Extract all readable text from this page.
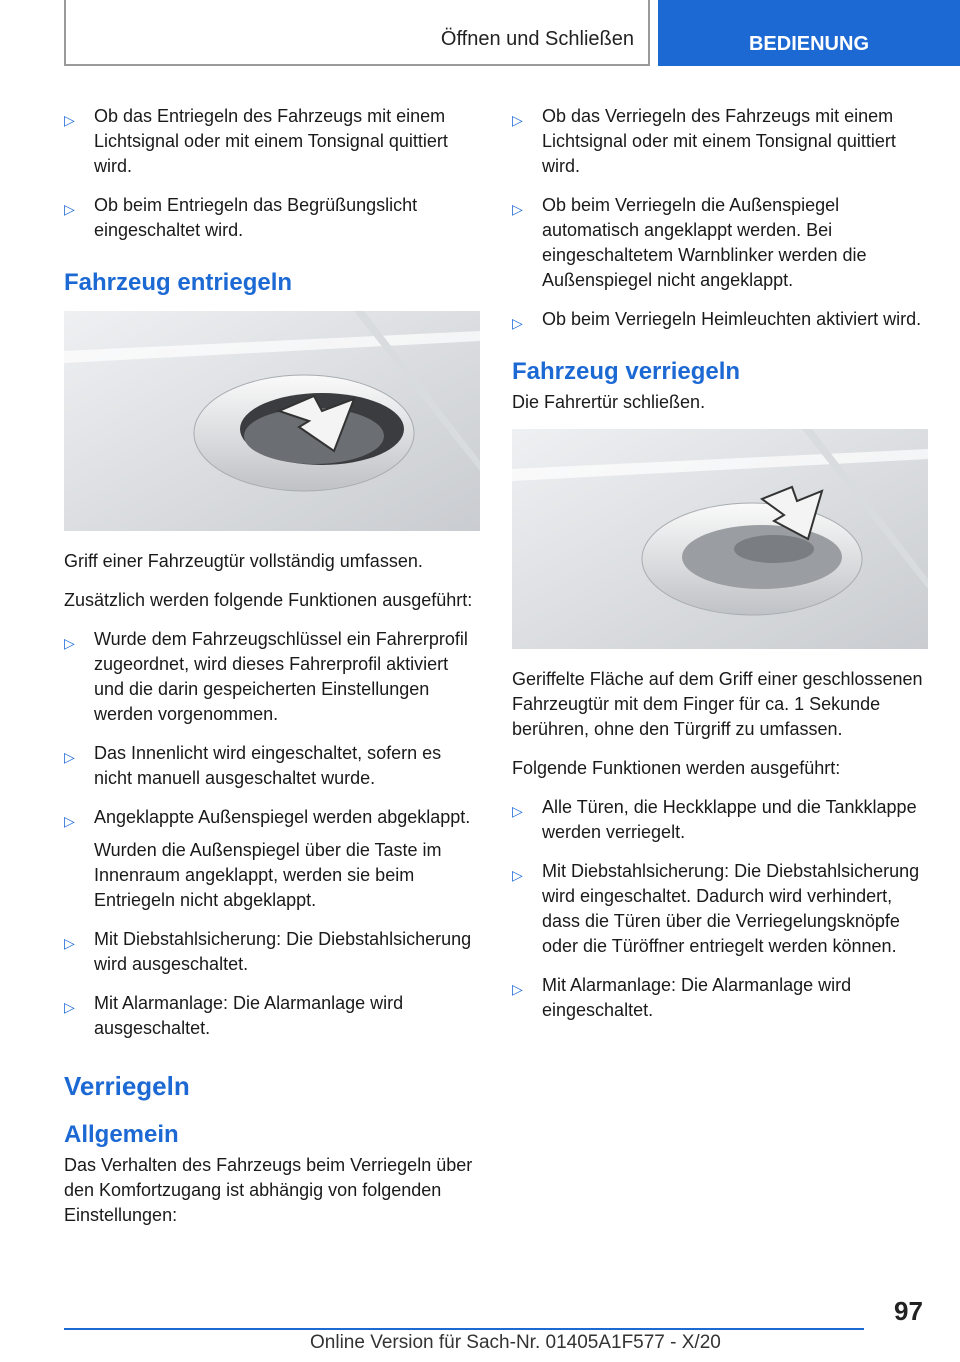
Öffnen und Schließen	BEDIENUNG
▷ Ob das Entriegeln des Fahrzeugs mit einem Lichtsignal oder mit einem Tonsignal quittiert wird.
▷ Ob beim Entriegeln das Begrüßungslicht eingeschaltet wird.
Fahrzeug entriegeln

Griff einer Fahrzeugtür vollständig umfassen.

Zusätzlich werden folgende Funktionen ausgeführt:

▷ Wurde dem Fahrzeugschlüssel ein Fahrerprofil zugeordnet, wird dieses Fahrerprofil aktiviert und die darin gespeicherten Einstellungen werden vorgenommen.
▷ Das Innenlicht wird eingeschaltet, sofern es nicht manuell ausgeschaltet wurde.
▷ Angeklappte Außenspiegel werden abgeklappt.

Wurden die Außenspiegel über die Taste im Innenraum angeklappt, werden sie beim Entriegeln nicht abgeklappt.

▷ Mit Diebstahlsicherung: Die Diebstahlsicherung wird ausgeschaltet.
▷ Mit Alarmanlage: Die Alarmanlage wird ausgeschaltet.
Verriegeln
Allgemein

Das Verhalten des Fahrzeugs beim Verriegeln über den Komfortzugang ist abhängig von folgenden Einstellungen:

▷ Ob das Verriegeln des Fahrzeugs mit einem Lichtsignal oder mit einem Tonsignal quittiert wird.
▷ Ob beim Verriegeln die Außenspiegel automatisch angeklappt werden. Bei eingeschaltetem Warnblinker werden die Außenspiegel nicht angeklappt.
▷ Ob beim Verriegeln Heimleuchten aktiviert wird.
Fahrzeug verriegeln

Die Fahrertür schließen.

Geriffelte Fläche auf dem Griff einer geschlossenen Fahrzeugtür mit dem Finger für ca. 1 Sekunde berühren, ohne den Türgriff zu umfassen.

Folgende Funktionen werden ausgeführt:

▷ Alle Türen, die Heckklappe und die Tankklappe werden verriegelt.
▷ Mit Diebstahlsicherung: Die Diebstahlsicherung wird eingeschaltet. Dadurch wird verhindert, dass die Türen über die Verriegelungsknöpfe oder die Türöffner entriegelt werden können.
▷ Mit Alarmanlage: Die Alarmanlage wird eingeschaltet.
97
Online Version für Sach-Nr. 01405A1F577 - X/20
